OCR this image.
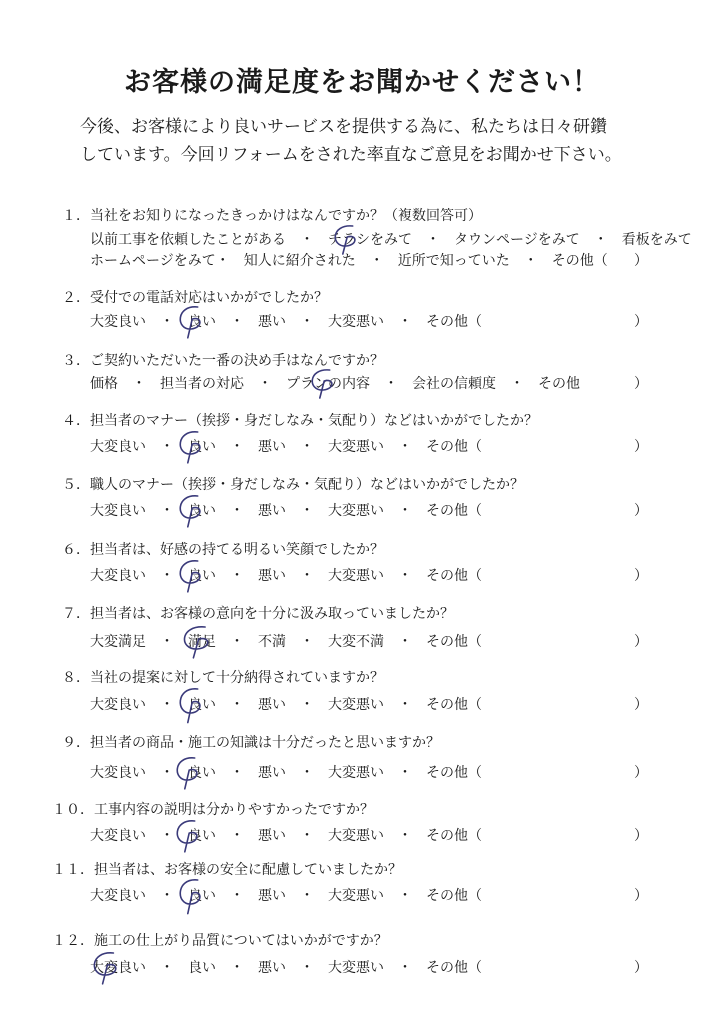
お客様の満足度をお聞かせください！
今後、お客様により良いサービスを提供する為に、私たちは日々研鑽
しています。今回リフォームをされた率直なご意見をお聞かせ下さい。
１．当社をお知りになったきっかけはなんですか？（複数回答可）
以前工事を依頼したことがある　・　チラシをみて　・　タウンページをみて　・　看板をみて
ホームページをみて・　知人に紹介された　・　近所で知っていた　・　その他（ ）
２．受付での電話対応はいかがでしたか？
大変良い　・　良い　・　悪い　・　大変悪い　・　その他（	）
３．ご契約いただいた一番の決め手はなんですか？
価格　・　担当者の対応　・　プランの内容　・　会社の信頼度　・　その他	）
４．担当者のマナー（挨拶・身だしなみ・気配り）などはいかがでしたか？
大変良い　・　良い　・　悪い　・　大変悪い　・　その他（	）
５．職人のマナー（挨拶・身だしなみ・気配り）などはいかがでしたか？
大変良い　・　良い　・　悪い　・　大変悪い　・　その他（	）
６．担当者は、好感の持てる明るい笑顔でしたか？
大変良い　・　良い　・　悪い　・　大変悪い　・　その他（	）
７．担当者は、お客様の意向を十分に汲み取っていましたか？
大変満足　・　満足　・　不満　・　大変不満　・　その他（	）
８．当社の提案に対して十分納得されていますか？
大変良い　・　良い　・　悪い　・　大変悪い　・　その他（	）
９．担当者の商品・施工の知識は十分だったと思いますか？
大変良い　・　良い　・　悪い　・　大変悪い　・　その他（	）
１０．工事内容の説明は分かりやすかったですか？
大変良い　・　良い　・　悪い　・　大変悪い　・　その他（	）
１１．担当者は、お客様の安全に配慮していましたか？
大変良い　・　良い　・　悪い　・　大変悪い　・　その他（	）
１２．施工の仕上がり品質についてはいかがですか？
大変良い　・　良い　・　悪い　・　大変悪い　・　その他（	）
